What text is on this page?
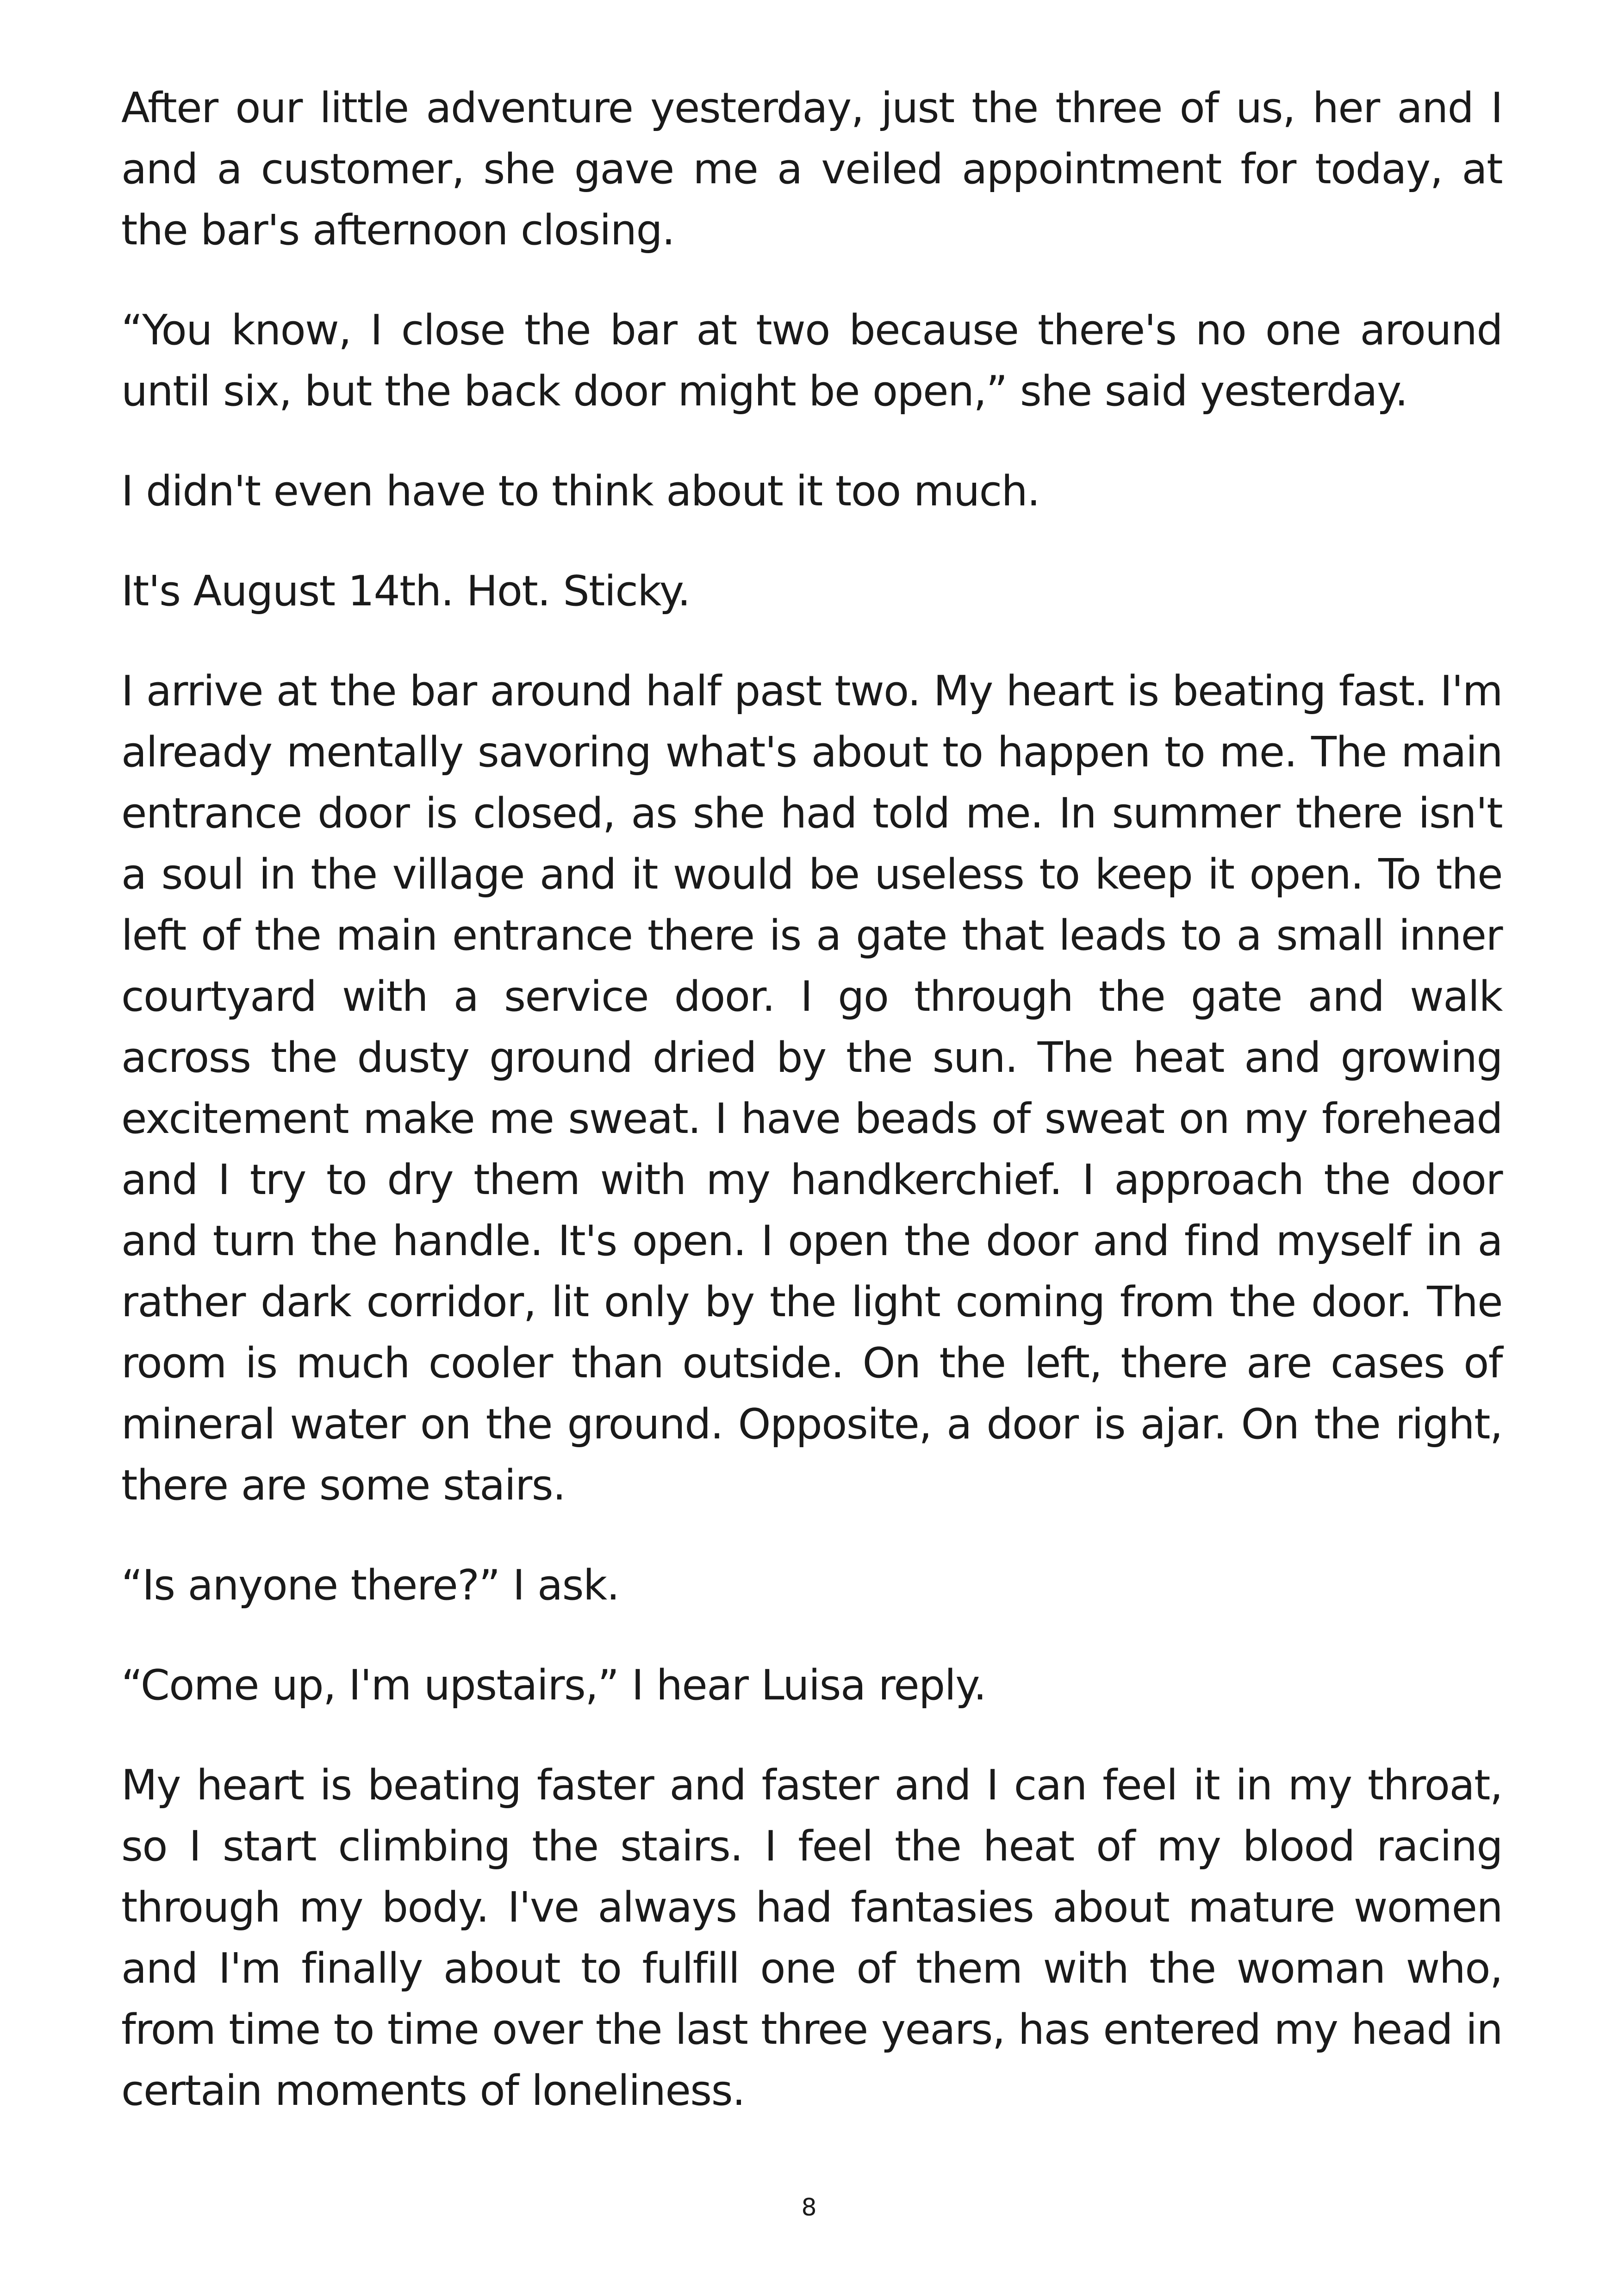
After our little adventure yesterday, just the three of us, her and I and a customer, she gave me a veiled appointment for today, at the bar's afternoon closing.

“You know, I close the bar at two because there's no one around until six, but the back door might be open,” she said yesterday.

I didn't even have to think about it too much.

It's August 14th. Hot. Sticky.

I arrive at the bar around half past two. My heart is beating fast. I'm already mentally savoring what's about to happen to me. The main entrance door is closed, as she had told me. In summer there isn't a soul in the village and it would be useless to keep it open. To the left of the main entrance there is a gate that leads to a small inner courtyard with a service door. I go through the gate and walk across the dusty ground dried by the sun. The heat and growing excitement make me sweat. I have beads of sweat on my forehead and I try to dry them with my handkerchief. I approach the door and turn the handle. It's open. I open the door and find myself in a rather dark corridor, lit only by the light coming from the door. The room is much cooler than outside. On the left, there are cases of mineral water on the ground. Opposite, a door is ajar. On the right, there are some stairs.

“Is anyone there?” I ask.

“Come up, I'm upstairs,” I hear Luisa reply.

My heart is beating faster and faster and I can feel it in my throat, so I start climbing the stairs. I feel the heat of my blood racing through my body. I've always had fantasies about mature women and I'm finally about to fulfill one of them with the woman who, from time to time over the last three years, has entered my head in certain moments of loneliness.

8
